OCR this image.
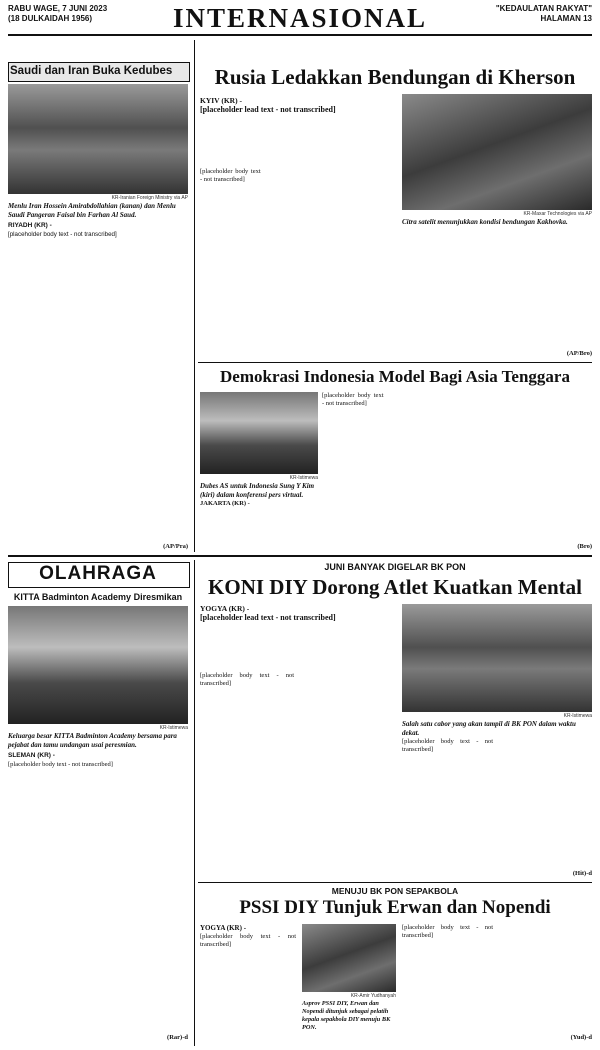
RABU WAGE, 7 JUNI 2023
(18 DULKAIDAH 1956)	INTERNASIONAL	"KEDAULATAN RAKYAT"
HALAMAN 13
Saudi dan Iran Buka Kedubes
KR-Iranian Foreign Ministry via AP
Menlu Iran Hossein Amirabdollahian (kanan) dan Menlu Saudi Pangeran Faisal bin Farhan Al Saud.
RIYADH (KR) -
[placeholder body text - not transcribed]
(AP/Pra)
Rusia Ledakkan Bendungan di Kherson
KYIV (KR) -
[placeholder lead text - not transcribed]
KR-Maxar Technologies via AP
Citra satelit menunjukkan kondisi bendungan Kakhovka.
[placeholder body text - not transcribed]
(AP/Bro)
Demokrasi Indonesia Model Bagi Asia Tenggara
KR-Istimewa
Dubes AS untuk Indonesia Sung Y Kim (kiri) dalam konferensi pers virtual.
JAKARTA (KR) -
[placeholder body text - not transcribed]
(Bro)
OLAHRAGA
KITTA Badminton Academy Diresmikan
KR-Istimewa
Keluarga besar KITTA Badminton Academy bersama para pejabat dan tamu undangan usai peresmian.
SLEMAN (KR) -
[placeholder body text - not transcribed]
(Rar)-d
JUNI BANYAK DIGELAR BK PON
KONI DIY Dorong Atlet Kuatkan Mental
YOGYA (KR) -
[placeholder lead text - not transcribed]
KR-Istimewa
Salah satu cabor yang akan tampil di BK PON dalam waktu dekat.
[placeholder body text - not transcribed]
[placeholder body text - not transcribed]
(Hit)-d
MENUJU BK PON SEPAKBOLA
PSSI DIY Tunjuk Erwan dan Nopendi
YOGYA (KR) -
[placeholder body text - not transcribed]
KR-Amir Yudhanyah
Asprov PSSI DIY, Erwan dan Nopendi ditunjuk sebagai pelatih kepala sepakbola DIY menuju BK PON.
[placeholder body text - not transcribed]
(Yud)-d
